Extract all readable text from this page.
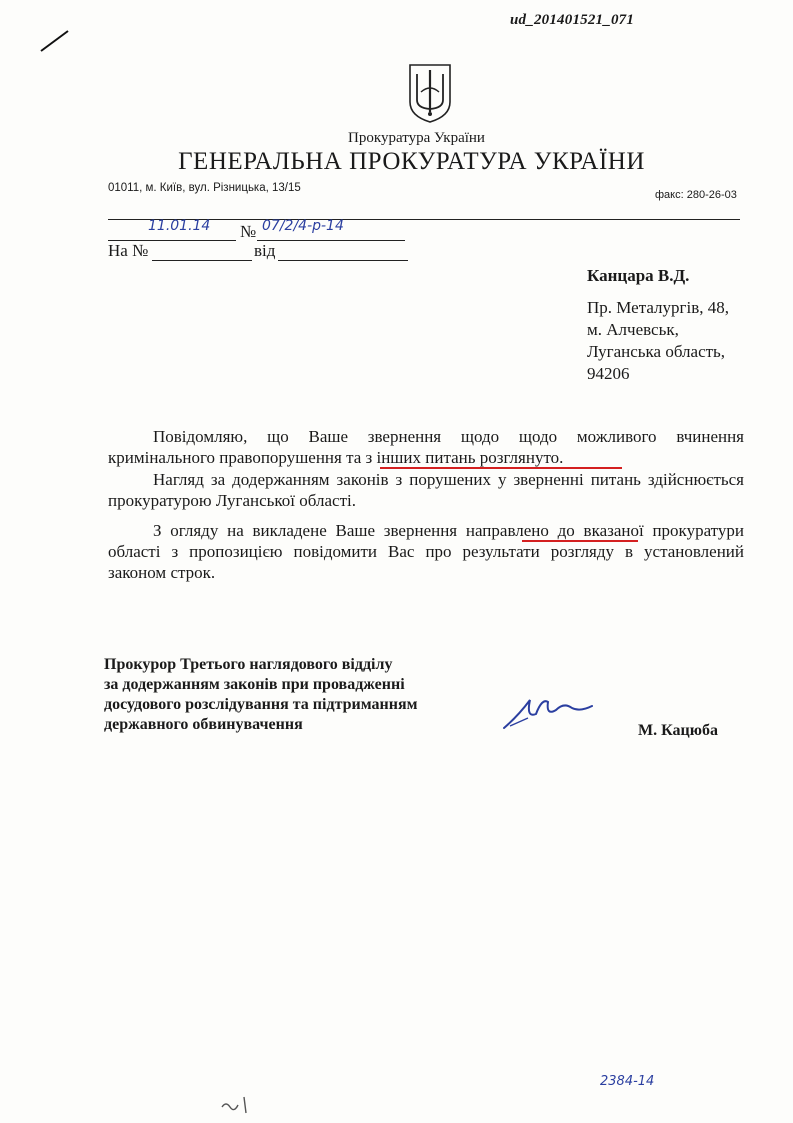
ud_201401521_071
Прокуратура України
ГЕНЕРАЛЬНА ПРОКУРАТУРА УКРАЇНИ
01011, м. Київ, вул. Різницька, 13/15
факс: 280-26-03
№
11.01.14	07/2/4-р-14
На №	від
Канцара В.Д.
Пр. Металургів, 48,
м. Алчевськ,
Луганська область,
94206
Повідомляю, що Ваше звернення щодо щодо можливого вчинення кримінального правопорушення та з інших питань розглянуто.
Нагляд за додержанням законів з порушених у зверненні питань здійснюється прокуратурою Луганської області.
З огляду на викладене Ваше звернення направлено до вказаної прокуратури області з пропозицією повідомити Вас про результати розгляду в установлений законом строк.
Прокурор Третього наглядового відділу
за додержанням законів при провадженні
досудового розслідування та підтриманням
державного обвинувачення	М. Кацюба
2384-14
